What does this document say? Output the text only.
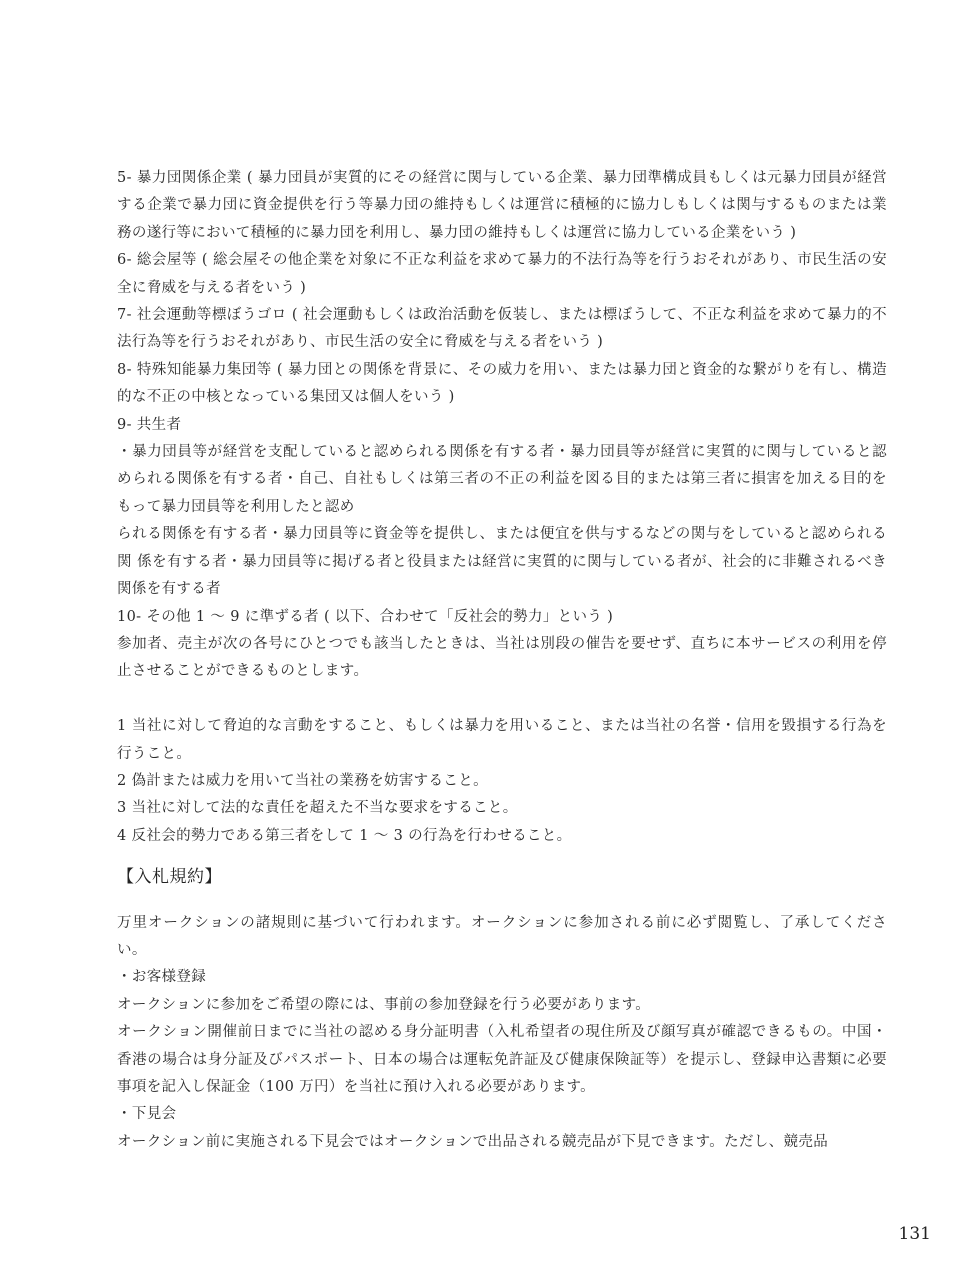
5- 暴力団関係企業 ( 暴力団員が実質的にその経営に関与している企業、暴力団準構成員もしくは元暴力団員が経営する企業で暴力団に資金提供を行う等暴力団の維持もしくは運営に積極的に協力しもしくは関与するものまたは業務の遂行等において積極的に暴力団を利用し、暴力団の維持もしくは運営に協力している企業をいう )

6- 総会屋等 ( 総会屋その他企業を対象に不正な利益を求めて暴力的不法行為等を行うおそれがあり、市民生活の安全に脅威を与える者をいう )

7- 社会運動等標ぼうゴロ ( 社会運動もしくは政治活動を仮装し、または標ぼうして、不正な利益を求めて暴力的不法行為等を行うおそれがあり、市民生活の安全に脅威を与える者をいう )

8- 特殊知能暴力集団等 ( 暴力団との関係を背景に、その威力を用い、または暴力団と資金的な繋がりを有し、構造的な不正の中核となっている集団又は個人をいう )

9- 共生者

・暴力団員等が経営を支配していると認められる関係を有する者・暴力団員等が経営に実質的に関与していると認められる関係を有する者・自己、自社もしくは第三者の不正の利益を図る目的または第三者に損害を加える目的をもって暴力団員等を利用したと認め

られる関係を有する者・暴力団員等に資金等を提供し、または便宜を供与するなどの関与をしていると認められる関 係を有する者・暴力団員等に掲げる者と役員または経営に実質的に関与している者が、社会的に非難されるべき関係を有する者

10- その他 1 〜 9 に準ずる者 ( 以下、合わせて「反社会的勢力」という )

参加者、売主が次の各号にひとつでも該当したときは、当社は別段の催告を要せず、直ちに本サービスの利用を停止させることができるものとします。

1 当社に対して脅迫的な言動をすること、もしくは暴力を用いること、または当社の名誉・信用を毀損する行為を行うこと。

2 偽計または威力を用いて当社の業務を妨害すること。

3 当社に対して法的な責任を超えた不当な要求をすること。

4 反社会的勢力である第三者をして 1 〜 3 の行為を行わせること。

【入札規約】

万里オークションの諸規則に基づいて行われます。オークションに参加される前に必ず閲覧し、了承してください。

・お客様登録

オークションに参加をご希望の際には、事前の参加登録を行う必要があります。

オークション開催前日までに当社の認める身分証明書（入札希望者の現住所及び顔写真が確認できるもの。中国・香港の場合は身分証及びパスポート、日本の場合は運転免許証及び健康保険証等）を提示し、登録申込書類に必要事項を記入し保証金（100 万円）を当社に預け入れる必要があります。

・下見会

オークション前に実施される下見会ではオークションで出品される競売品が下見できます。ただし、競売品

131
